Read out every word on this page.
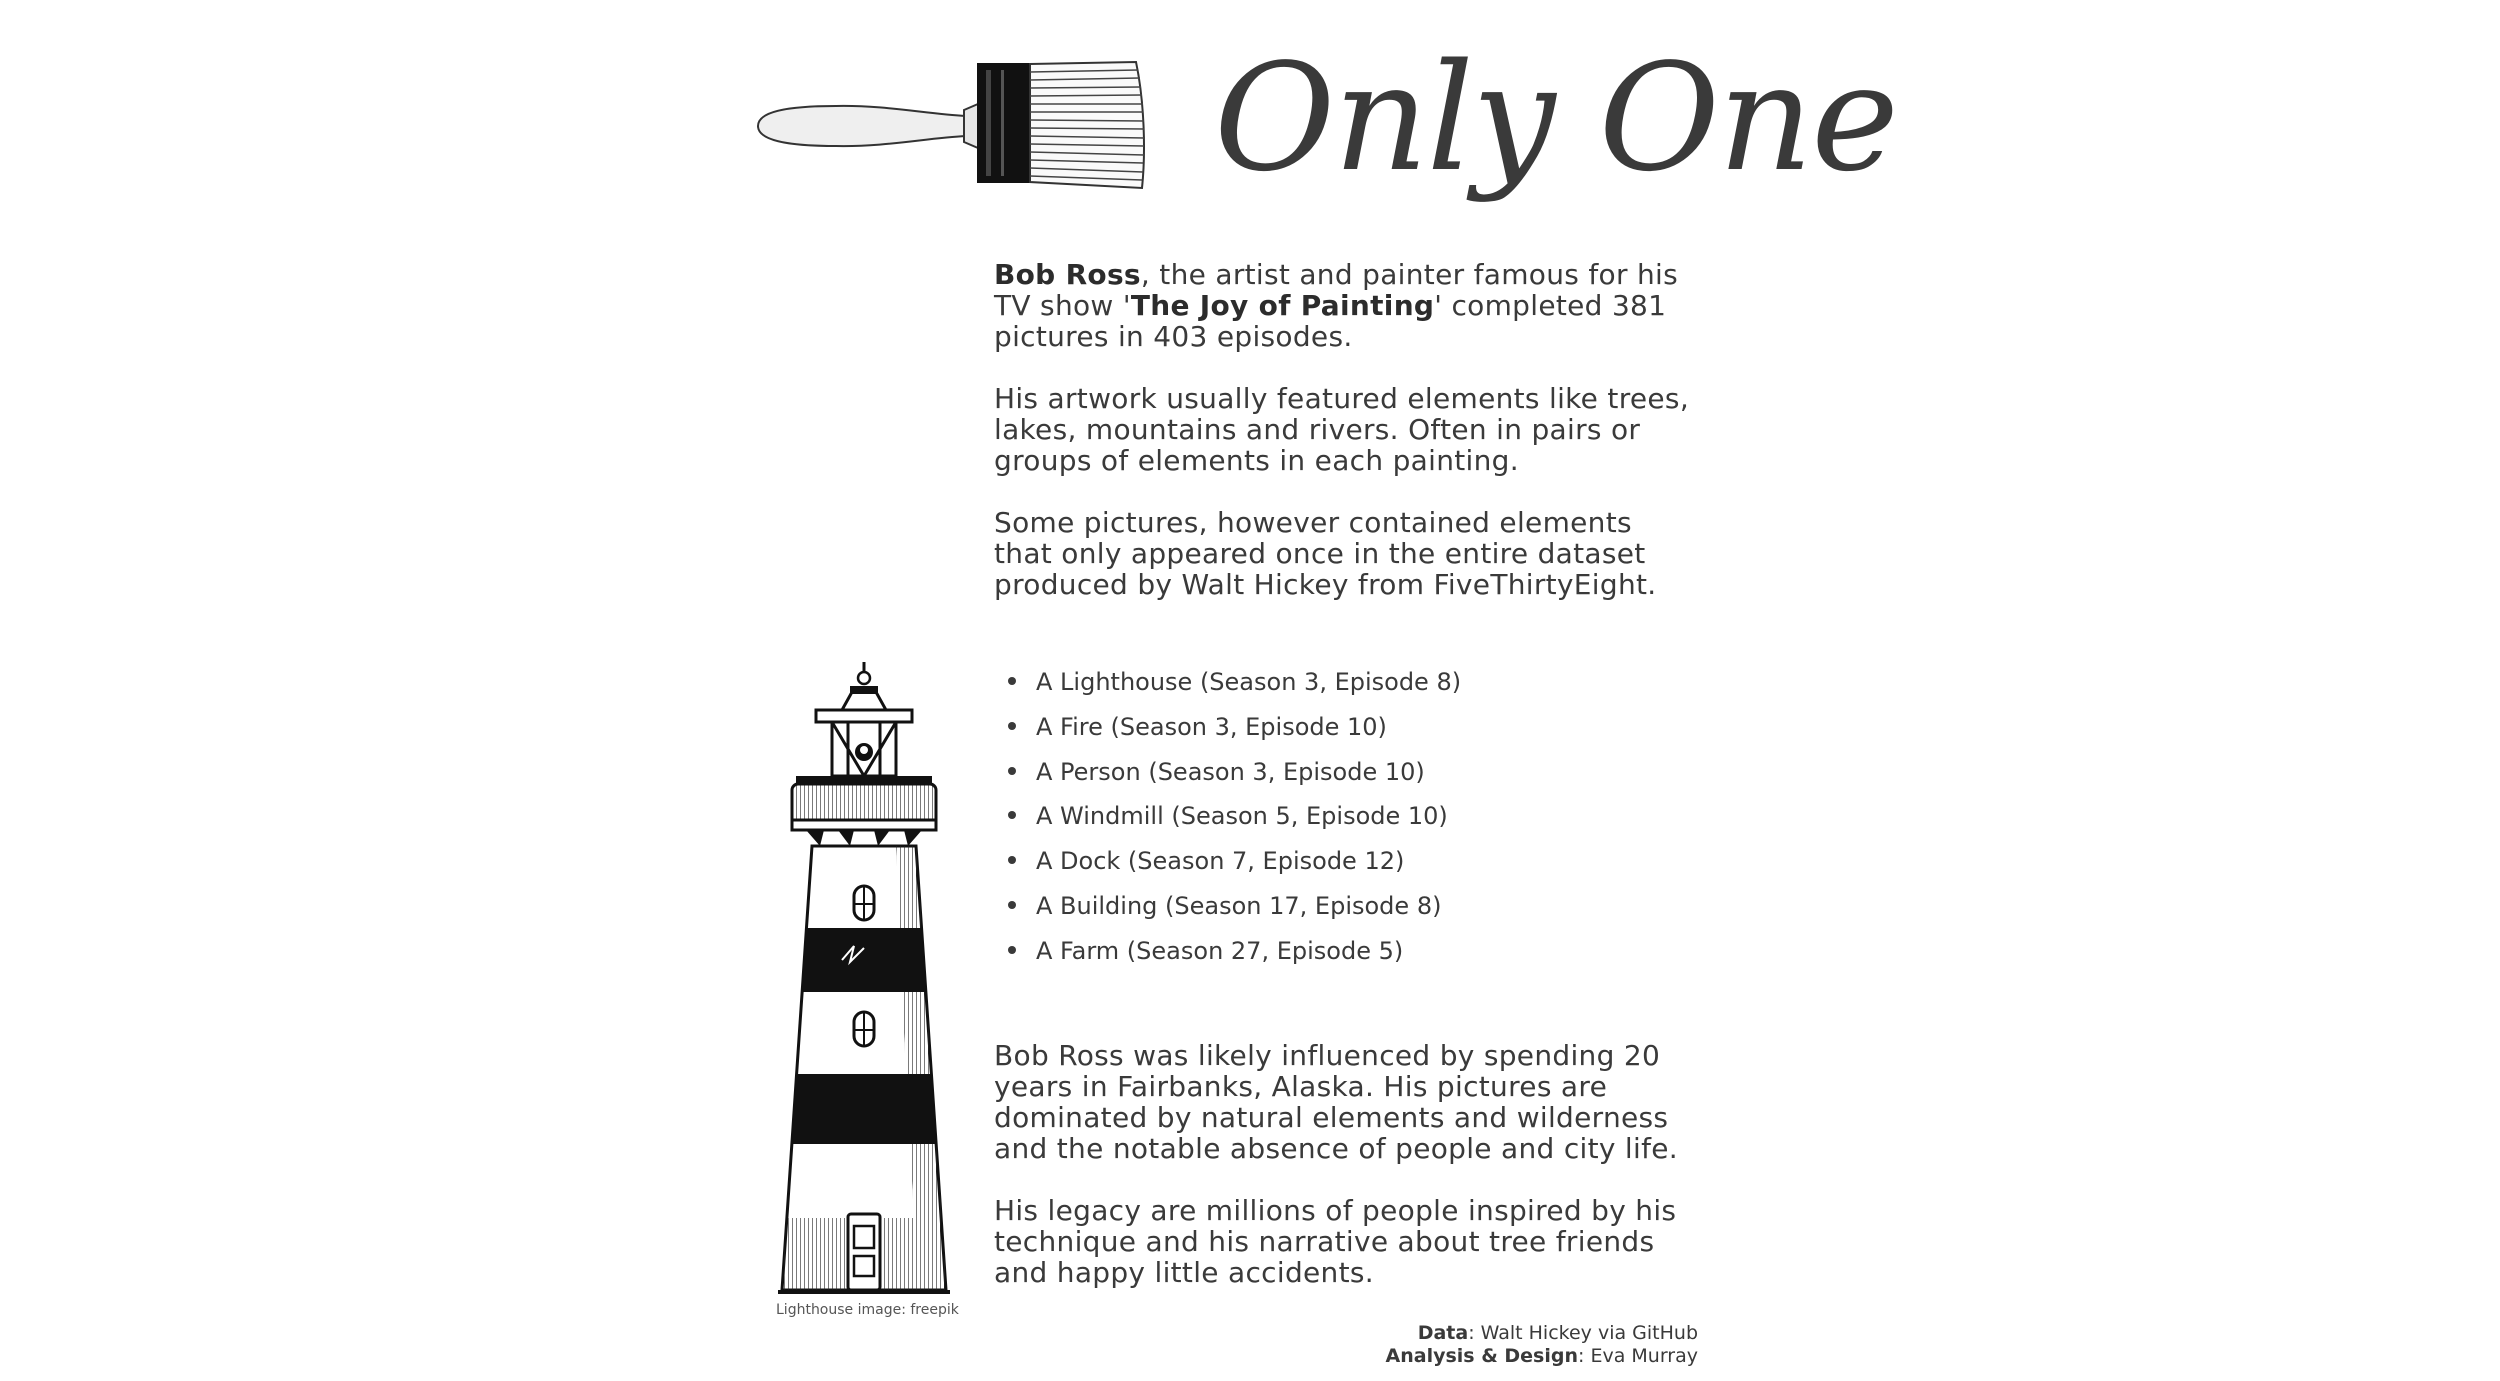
Only One

Bob Ross, the artist and painter famous for his TV show 'The Joy of Painting' completed 381 pictures in 403 episodes.

His artwork usually featured elements like trees, lakes, mountains and rivers. Often in pairs or groups of elements in each painting.

Some pictures, however contained elements that only appeared once in the entire dataset produced by Walt Hickey from FiveThirtyEight.

A Lighthouse (Season 3, Episode 8)
A Fire (Season 3, Episode 10)
A Person (Season 3, Episode 10)
A Windmill (Season 5, Episode 10)
A Dock (Season 7, Episode 12)
A Building (Season 17, Episode 8)
A Farm (Season 27, Episode 5)
Lighthouse image: freepik

Bob Ross was likely influenced by spending 20 years in Fairbanks, Alaska. His pictures are dominated by natural elements and wilderness and the notable absence of people and city life.

His legacy are millions of people inspired by his technique and his narrative about tree friends and happy little accidents.

Data: Walt Hickey via GitHub
Analysis & Design: Eva Murray
